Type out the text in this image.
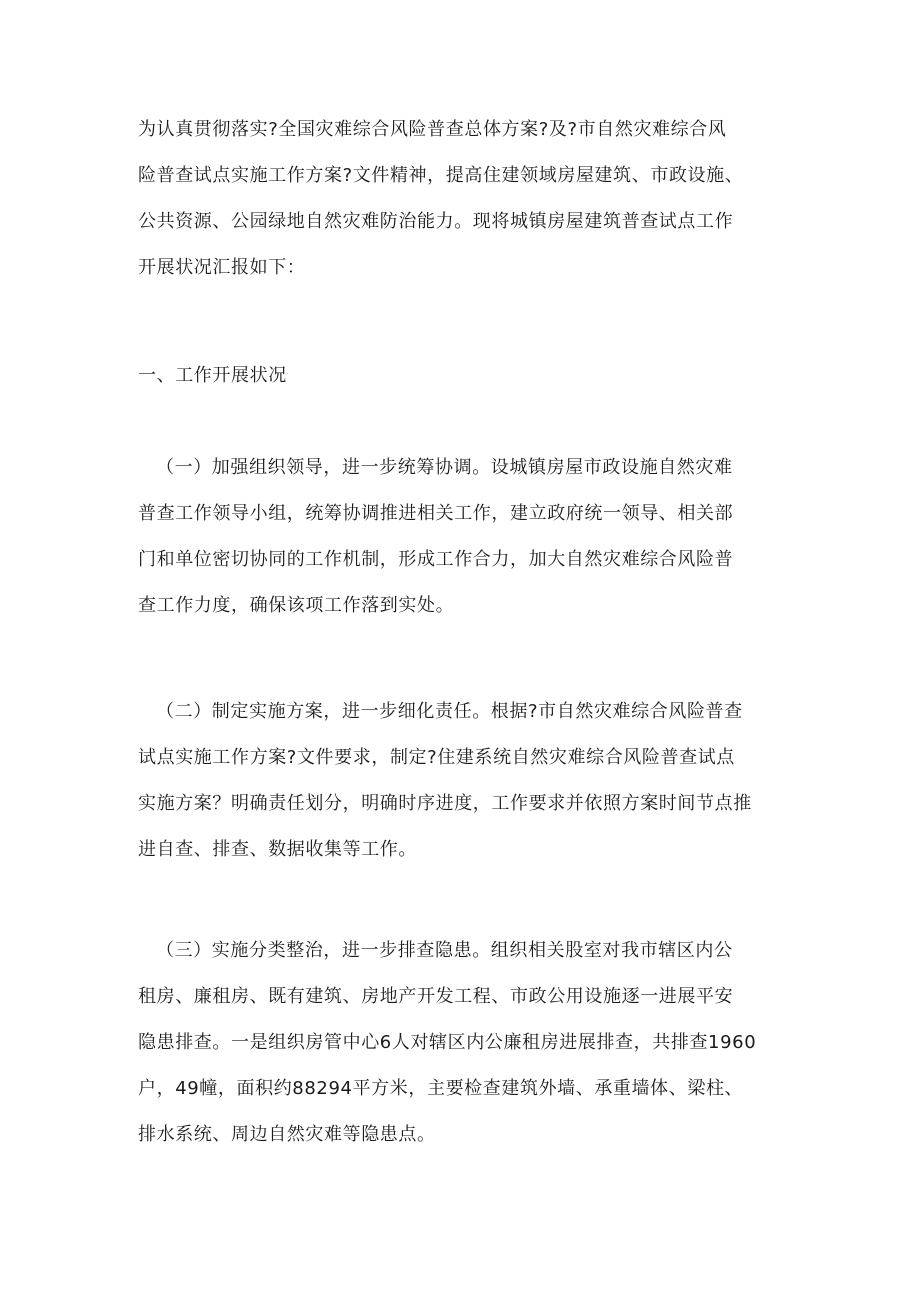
为认真贯彻落实?全国灾难综合风险普查总体方案?及?市自然灾难综合风
险普查试点实施工作方案?文件精神，提高住建领域房屋建筑、市政设施、
公共资源、公园绿地自然灾难防治能力。现将城镇房屋建筑普查试点工作
开展状况汇报如下：
一、工作开展状况
（一）加强组织领导，进一步统筹协调。设城镇房屋市政设施自然灾难
普查工作领导小组，统筹协调推进相关工作，建立政府统一领导、相关部
门和单位密切协同的工作机制，形成工作合力，加大自然灾难综合风险普
查工作力度，确保该项工作落到实处。
（二）制定实施方案，进一步细化责任。根据?市自然灾难综合风险普查
试点实施工作方案?文件要求，制定?住建系统自然灾难综合风险普查试点
实施方案？明确责任划分，明确时序进度，工作要求并依照方案时间节点推
进自查、排查、数据收集等工作。
（三）实施分类整治，进一步排查隐患。组织相关股室对我市辖区内公
租房、廉租房、既有建筑、房地产开发工程、市政公用设施逐一进展平安
隐患排查。一是组织房管中心6人对辖区内公廉租房进展排查，共排查1960
户，49幢，面积约88294平方米，主要检查建筑外墙、承重墙体、梁柱、
排水系统、周边自然灾难等隐患点。
